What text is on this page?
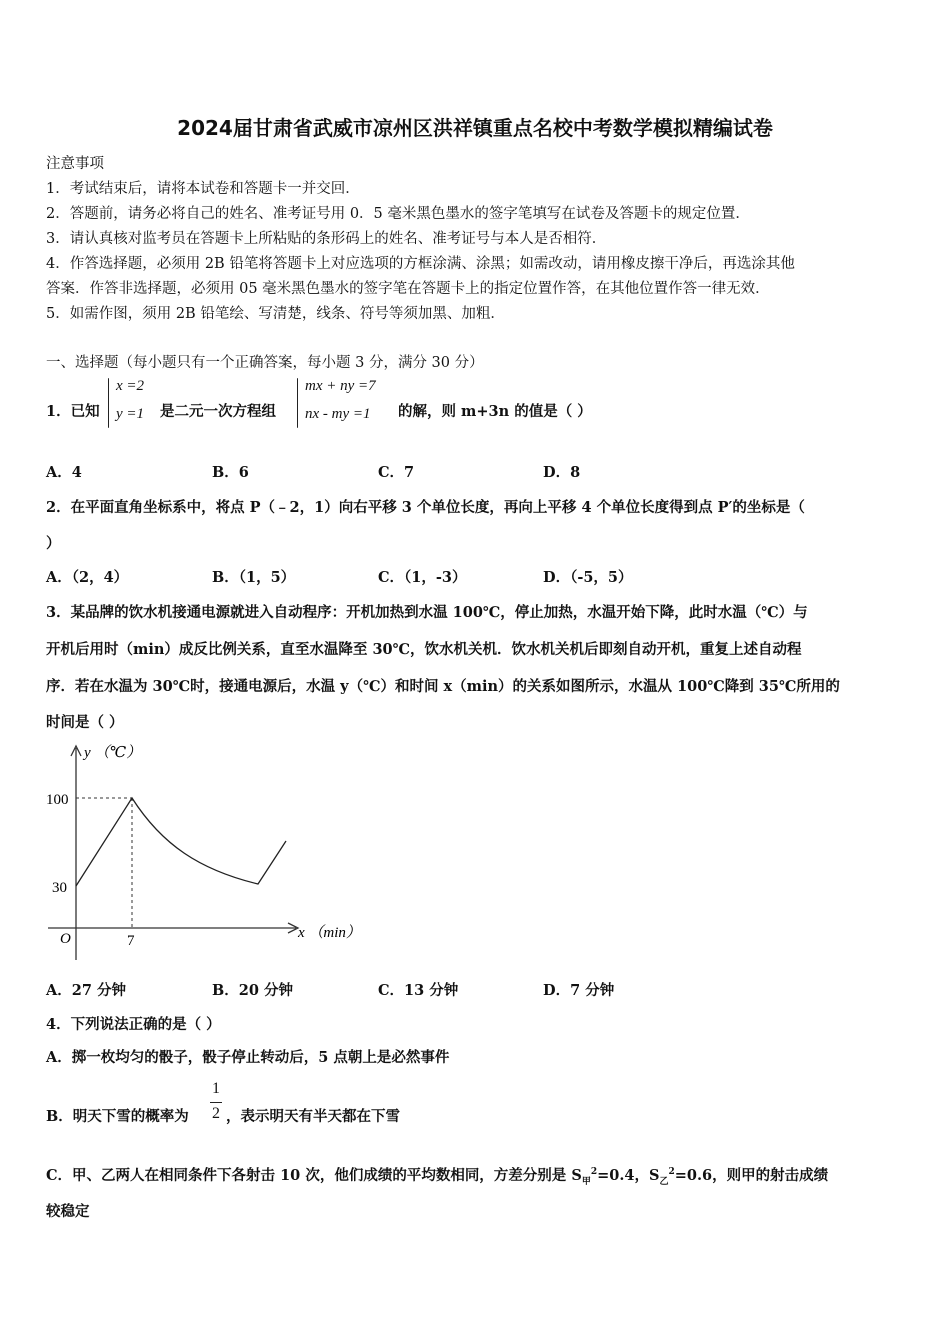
2024届甘肃省武威市凉州区洪祥镇重点名校中考数学模拟精编试卷
注意事项
1．考试结束后，请将本试卷和答题卡一并交回．
2．答题前，请务必将自己的姓名、准考证号用 0．5 毫米黑色墨水的签字笔填写在试卷及答题卡的规定位置．
3．请认真核对监考员在答题卡上所粘贴的条形码上的姓名、准考证号与本人是否相符．
4．作答选择题，必须用 2B 铅笔将答题卡上对应选项的方框涂满、涂黑；如需改动，请用橡皮擦干净后，再选涂其他
答案．作答非选择题，必须用 05 毫米黑色墨水的签字笔在答题卡上的指定位置作答，在其他位置作答一律无效．
5．如需作图，须用 2B 铅笔绘、写清楚，线条、符号等须加黑、加粗．
一、选择题（每小题只有一个正确答案，每小题 3 分，满分 30 分）
1．已知
x =2
y =1 是二元一次方程组
mx + ny =7
nx - my =1 的解，则 m+3n 的值是（ ）
A．4	B．6	C．7	D．8
2．在平面直角坐标系中，将点 P（﹣2，1）向右平移 3 个单位长度，再向上平移 4 个单位长度得到点 P′的坐标是（
）
A．（2，4）	B．（1，5）	C．（1，-3）	D．（-5，5）
3．某品牌的饮水机接通电源就进入自动程序：开机加热到水温 100℃，停止加热，水温开始下降，此时水温（℃）与
开机后用时（min）成反比例关系，直至水温降至 30℃，饮水机关机．饮水机关机后即刻自动开机，重复上述自动程
序．若在水温为 30℃时，接通电源后，水温 y（℃）和时间 x（min）的关系如图所示，水温从 100℃降到 35℃所用的
时间是（ ）
y （℃）
x （min）
O
100
30
7
A．27 分钟	B．20 分钟	C．13 分钟	D．7 分钟
4．下列说法正确的是（ ）
A．掷一枚均匀的骰子，骰子停止转动后，5 点朝上是必然事件
B．明天下雪的概率为
1
2 ，表示明天有半天都在下雪
C．甲、乙两人在相同条件下各射击 10 次，他们成绩的平均数相同，方差分别是 $S_甲^2=0.4$，$S_乙^2=0.6$，则甲的射击成绩
较稳定
